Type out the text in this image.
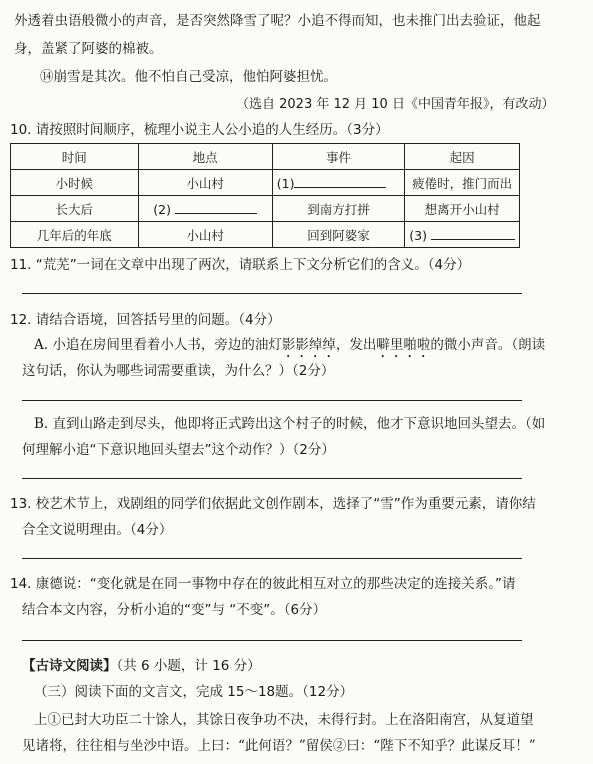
外透着虫语般微小的声音，是否突然降雪了呢？小追不得而知，也未推门出去验证，他起
身，盖紧了阿婆的棉被。
⑭崩雪是其次。他不怕自己受凉，他怕阿婆担忧。
（选自 2023 年 12 月 10 日《中国青年报》，有改动）
10. 请按照时间顺序，梳理小说主人公小追的人生经历。（3分）
时间	地点	事件	起因
小时候	小山村	(1)	疲倦时，推门而出
长大后	(2)	到南方打拼	想离开小山村
几年后的年底	小山村	回到阿婆家	(3)
11. “荒芜”一词在文章中出现了两次，请联系上下文分析它们的含义。（4分）
12. 请结合语境，回答括号里的问题。（4分）
A. 小追在房间里看着小人书，旁边的油灯影影绰绰，发出噼里啪啦的微小声音。（朗读
这句话，你认为哪些词需要重读，为什么？）（2分）
B. 直到山路走到尽头，他即将正式跨出这个村子的时候，他才下意识地回头望去。（如
何理解小追“下意识地回头望去”这个动作？）（2分）
13. 校艺术节上，戏剧组的同学们依据此文创作剧本，选择了“雪”作为重要元素，请你结
合全文说明理由。（4分）
14. 康德说：“变化就是在同一事物中存在的彼此相互对立的那些决定的连接关系。”请
结合本文内容，分析小追的“变”与 “不变”。（6分）
【古诗文阅读】（共 6 小题，计 16 分）
（三）阅读下面的文言文，完成 15～18题。（12分）
上①已封大功臣二十馀人，其馀日夜争功不决，未得行封。上在洛阳南宫，从复道望
见诸将，往往相与坐沙中语。上曰：“此何语？”留侯②曰：“陛下不知乎？此谋反耳！”
